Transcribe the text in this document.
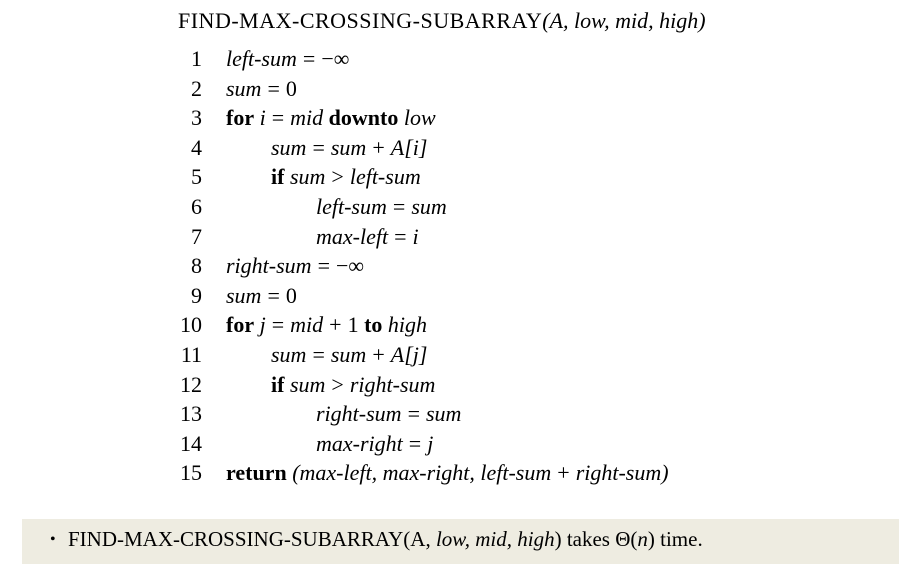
FIND-MAX-CROSSING-SUBARRAY(A, low, mid, high)
1 left-sum = −∞
2 sum = 0
3 for i = mid downto low
4	sum = sum + A[i]
5	if sum > left-sum
6	left-sum = sum
7	max-left = i
8 right-sum = −∞
9 sum = 0
10 for j = mid + 1 to high
11	sum = sum + A[j]
12	if sum > right-sum
13	right-sum = sum
14	max-right = j
15 return (max-left, max-right, left-sum + right-sum)
• FIND-MAX-CROSSING-SUBARRAY(A, low, mid, high) takes Θ(n) time.
